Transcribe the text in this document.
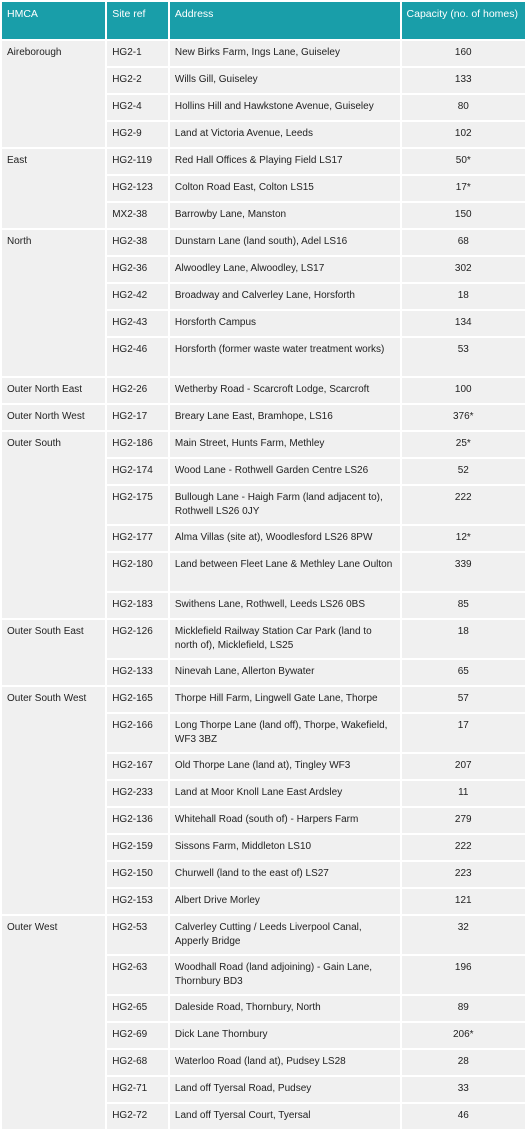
HMCA	Site ref	Address	Capacity (no. of homes)
Aireborough	HG2-1	New Birks Farm, Ings Lane, Guiseley	160
	HG2-2	Wills Gill, Guiseley	133
	HG2-4	Hollins Hill and Hawkstone Avenue, Guiseley	80
	HG2-9	Land at Victoria Avenue, Leeds	102
East	HG2-119	Red Hall Offices & Playing Field LS17	50*
	HG2-123	Colton Road East, Colton LS15	17*
	MX2-38	Barrowby Lane, Manston	150
North	HG2-38	Dunstarn Lane (land south), Adel LS16	68
	HG2-36	Alwoodley Lane, Alwoodley, LS17	302
	HG2-42	Broadway and Calverley Lane, Horsforth	18
	HG2-43	Horsforth Campus	134
	HG2-46	Horsforth (former waste water treatment works)	53
Outer North East	HG2-26	Wetherby Road - Scarcroft Lodge, Scarcroft	100
Outer North West	HG2-17	Breary Lane East, Bramhope, LS16	376*
Outer South	HG2-186	Main Street, Hunts Farm, Methley	25*
	HG2-174	Wood Lane - Rothwell Garden Centre LS26	52
	HG2-175	Bullough Lane - Haigh Farm (land adjacent to), Rothwell LS26 0JY	222
	HG2-177	Alma Villas (site at), Woodlesford LS26 8PW	12*
	HG2-180	Land between Fleet Lane & Methley Lane Oulton	339
	HG2-183	Swithens Lane, Rothwell, Leeds LS26 0BS	85
Outer South East	HG2-126	Micklefield Railway Station Car Park (land to north of), Micklefield, LS25	18
	HG2-133	Ninevah Lane, Allerton Bywater	65
Outer South West	HG2-165	Thorpe Hill Farm, Lingwell Gate Lane, Thorpe	57
	HG2-166	Long Thorpe Lane (land off), Thorpe, Wakefield, WF3 3BZ	17
	HG2-167	Old Thorpe Lane (land at), Tingley WF3	207
	HG2-233	Land at Moor Knoll Lane East Ardsley	11
	HG2-136	Whitehall Road (south of) - Harpers Farm	279
	HG2-159	Sissons Farm, Middleton LS10	222
	HG2-150	Churwell (land to the east of) LS27	223
	HG2-153	Albert Drive Morley	121
Outer West	HG2-53	Calverley Cutting / Leeds Liverpool Canal, Apperly Bridge	32
	HG2-63	Woodhall Road (land adjoining) - Gain Lane, Thornbury BD3	196
	HG2-65	Daleside Road, Thornbury, North	89
	HG2-69	Dick Lane Thornbury	206*
	HG2-68	Waterloo Road (land at), Pudsey LS28	28
	HG2-71	Land off Tyersal Road, Pudsey	33
	HG2-72	Land off Tyersal Court, Tyersal	46
